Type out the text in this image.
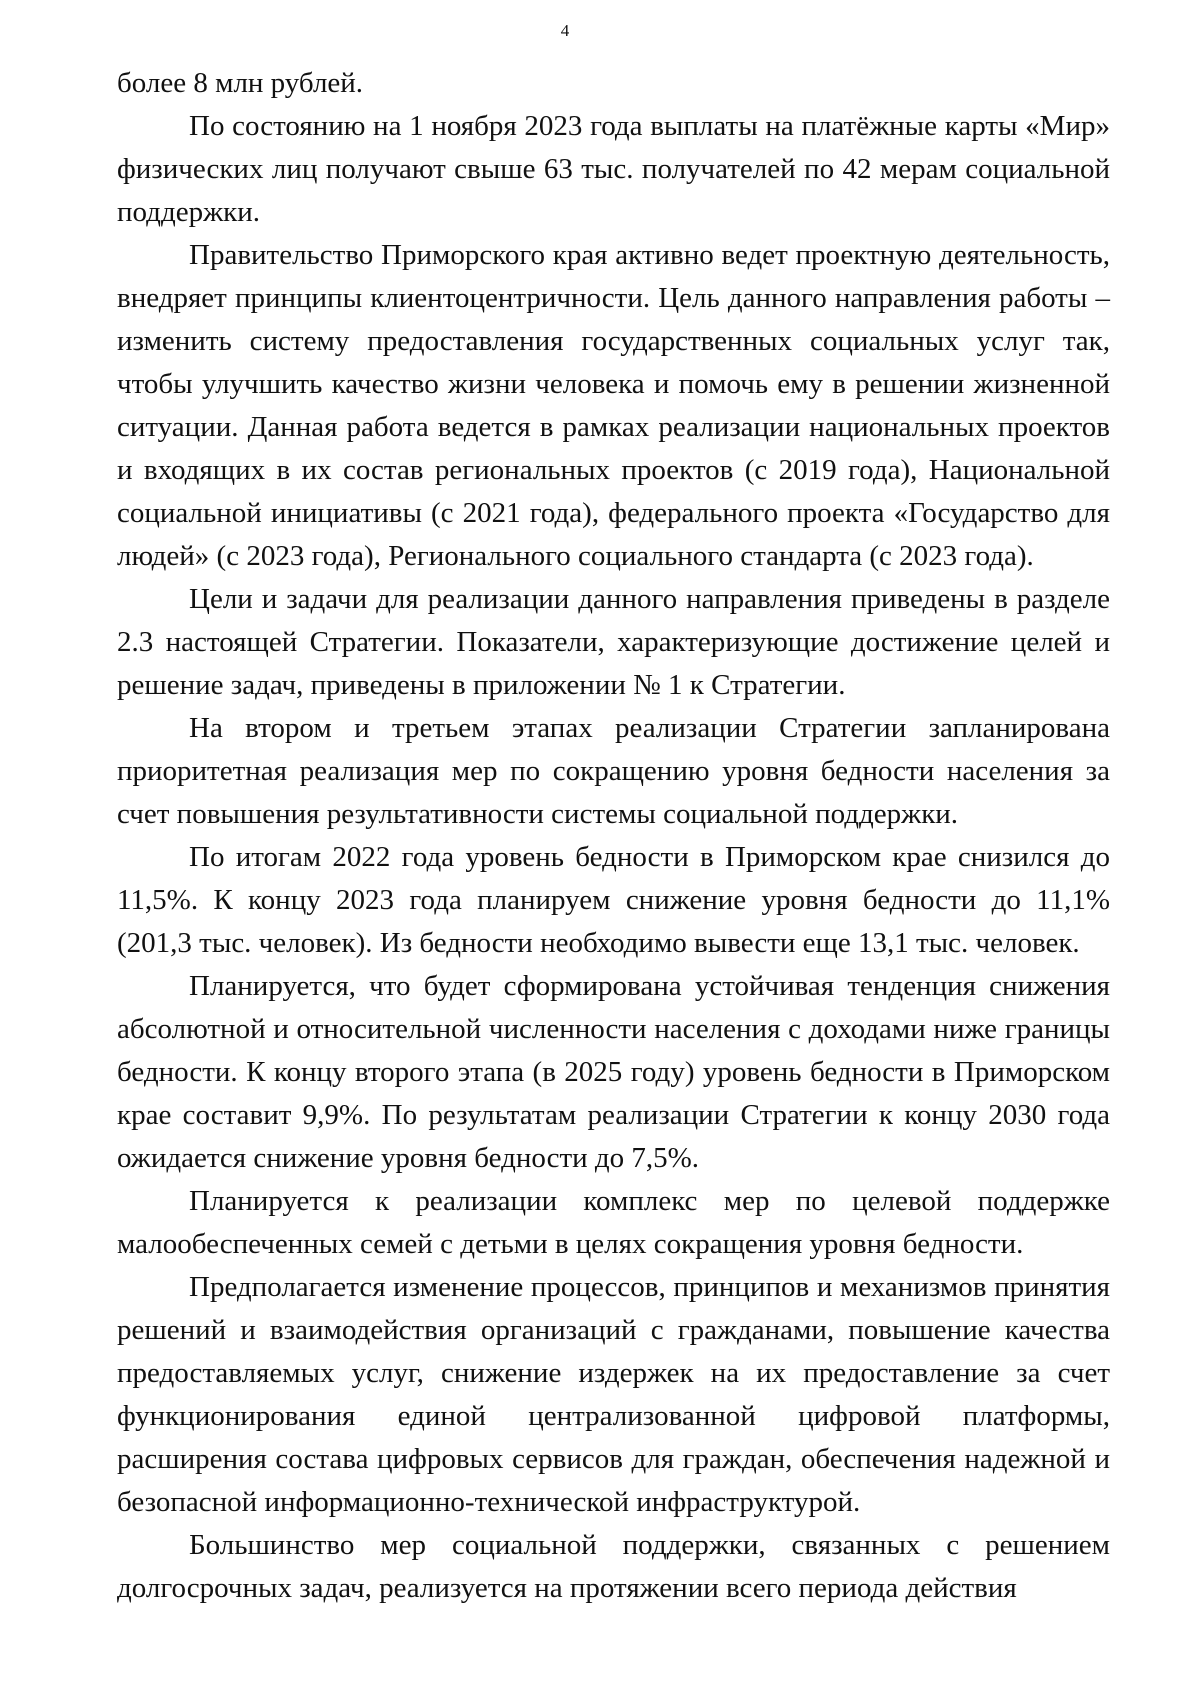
4

более 8 млн рублей.

По состоянию на 1 ноября 2023 года выплаты на платёжные карты «Мир» физических лиц получают свыше 63 тыс. получателей по 42 мерам социальной поддержки.

Правительство Приморского края активно ведет проектную деятельность, внедряет принципы клиентоцентричности. Цель данного направления работы – изменить систему предоставления государственных социальных услуг так, чтобы улучшить качество жизни человека и помочь ему в решении жизненной ситуации. Данная работа ведется в рамках реализации национальных проектов и входящих в их состав региональных проектов (с 2019 года), Национальной социальной инициативы (с 2021 года), федерального проекта «Государство для людей» (с 2023 года), Регионального социального стандарта (с 2023 года).

Цели и задачи для реализации данного направления приведены в разделе 2.3 настоящей Стратегии. Показатели, характеризующие достижение целей и решение задач, приведены в приложении № 1 к Стратегии.

На втором и третьем этапах реализации Стратегии запланирована приоритетная реализация мер по сокращению уровня бедности населения за счет повышения результативности системы социальной поддержки.

По итогам 2022 года уровень бедности в Приморском крае снизился до 11,5%. К концу 2023 года планируем снижение уровня бедности до 11,1% (201,3 тыс. человек). Из бедности необходимо вывести еще 13,1 тыс. человек.

Планируется, что будет сформирована устойчивая тенденция снижения абсолютной и относительной численности населения с доходами ниже границы бедности. К концу второго этапа (в 2025 году) уровень бедности в Приморском крае составит 9,9%. По результатам реализации Стратегии к концу 2030 года ожидается снижение уровня бедности до 7,5%.

Планируется к реализации комплекс мер по целевой поддержке малообеспеченных семей с детьми в целях сокращения уровня бедности.

Предполагается изменение процессов, принципов и механизмов принятия решений и взаимодействия организаций с гражданами, повышение качества предоставляемых услуг, снижение издержек на их предоставление за счет функционирования единой централизованной цифровой платформы, расширения состава цифровых сервисов для граждан, обеспечения надежной и безопасной информационно-технической инфраструктурой.

Большинство мер социальной поддержки, связанных с решением долгосрочных задач, реализуется на протяжении всего периода действия
